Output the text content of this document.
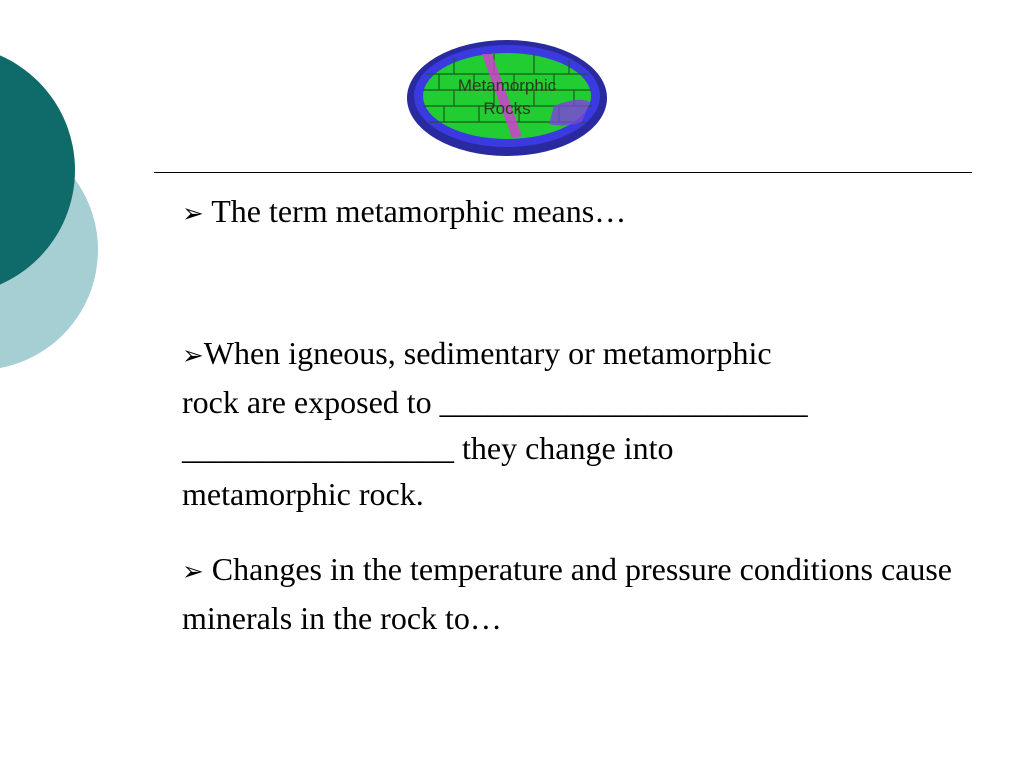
Metamorphic
Rocks
➢ The term metamorphic means…
➢When igneous, sedimentary or metamorphic
rock are exposed to _______________________
_________________ they change into
metamorphic rock.
➢ Changes in the temperature and pressure conditions cause minerals in the rock to…
